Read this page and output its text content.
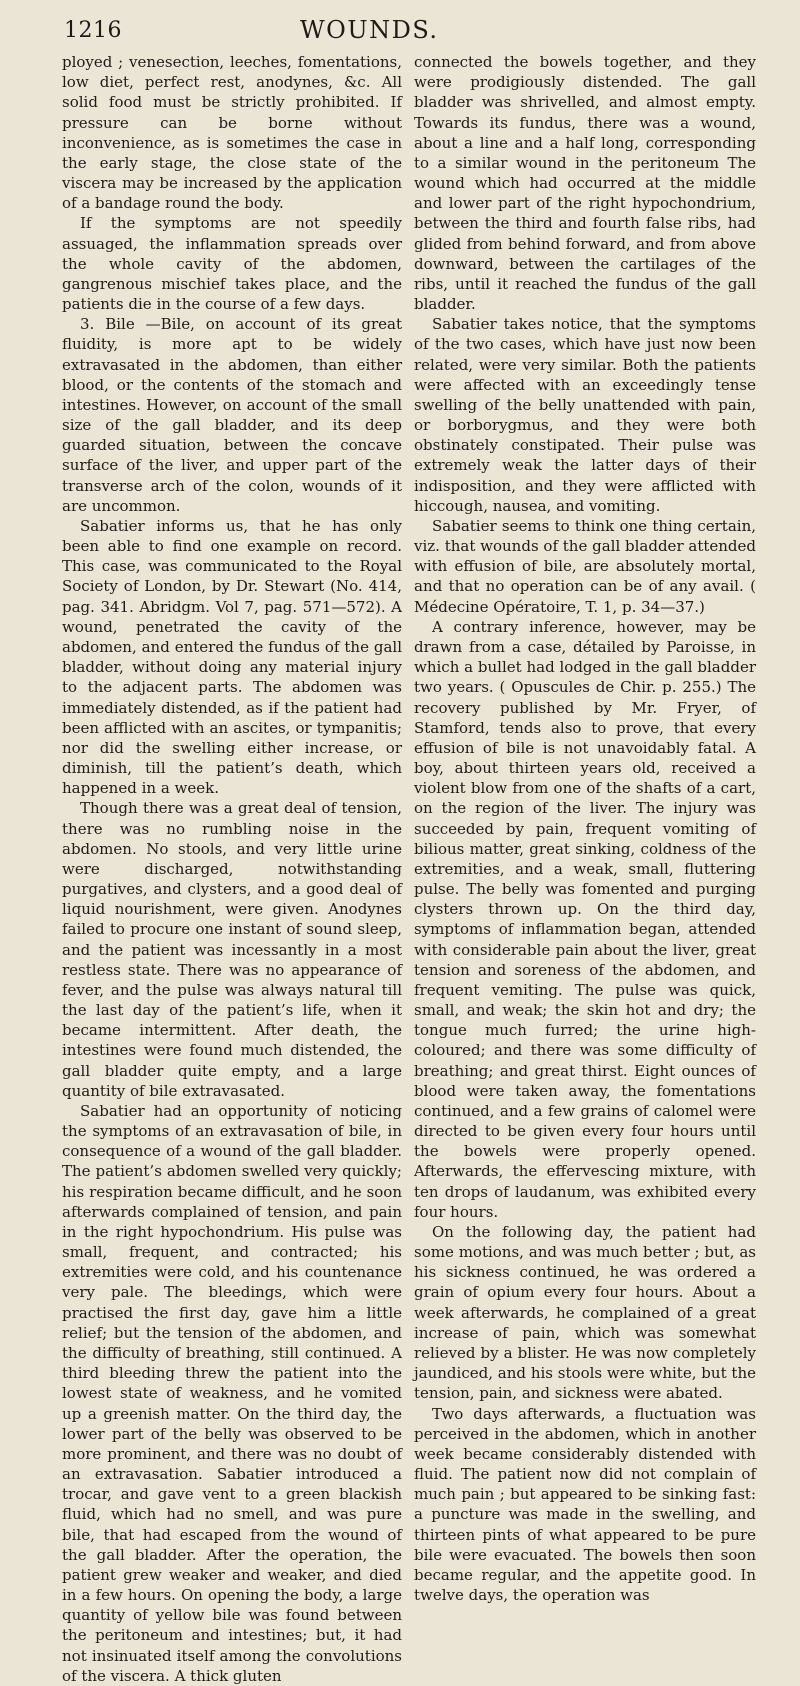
1216	WOUNDS.

ployed ; venesection, leeches, fomentations, low diet, perfect rest, anodynes, &c. All solid food must be strictly prohibited. If pressure can be borne without inconvenience, as is sometimes the case in the early stage, the close state of the viscera may be increased by the application of a bandage round the body.

If the symptoms are not speedily assuaged, the inflammation spreads over the whole cavity of the abdomen, gangrenous mischief takes place, and the patients die in the course of a few days.

3. Bile —Bile, on account of its great fluidity, is more apt to be widely extravasated in the abdomen, than either blood, or the contents of the stomach and intestines. However, on account of the small size of the gall bladder, and its deep guarded situation, between the concave surface of the liver, and upper part of the transverse arch of the colon, wounds of it are uncommon.

Sabatier informs us, that he has only been able to find one example on record. This case, was communicated to the Royal Society of London, by Dr. Stewart (No. 414, pag. 341. Abridgm. Vol 7, pag. 571—572). A wound, penetrated the cavity of the abdomen, and entered the fundus of the gall bladder, without doing any material injury to the adjacent parts. The abdomen was immediately distended, as if the patient had been afflicted with an ascites, or tympanitis; nor did the swelling either increase, or diminish, till the patient’s death, which happened in a week.

Though there was a great deal of tension, there was no rumbling noise in the abdomen. No stools, and very little urine were discharged, notwithstanding purgatives, and clysters, and a good deal of liquid nourishment, were given. Anodynes failed to procure one instant of sound sleep, and the patient was incessantly in a most restless state. There was no appearance of fever, and the pulse was always natural till the last day of the patient’s life, when it became intermittent. After death, the intestines were found much distended, the gall bladder quite empty, and a large quantity of bile extravasated.

Sabatier had an opportunity of noticing the symptoms of an extravasation of bile, in consequence of a wound of the gall bladder. The patient’s abdomen swelled very quickly; his respiration became difficult, and he soon afterwards complained of tension, and pain in the right hypochondrium. His pulse was small, frequent, and contracted; his extremities were cold, and his countenance very pale. The bleedings, which were practised the first day, gave him a little relief; but the tension of the abdomen, and the difficulty of breathing, still continued. A third bleeding threw the patient into the lowest state of weakness, and he vomited up a greenish matter. On the third day, the lower part of the belly was observed to be more prominent, and there was no doubt of an extravasation. Sabatier introduced a trocar, and gave vent to a green blackish fluid, which had no smell, and was pure bile, that had escaped from the wound of the gall bladder. After the operation, the patient grew weaker and weaker, and died in a few hours. On opening the body, a large quantity of yellow bile was found between the peritoneum and intestines; but, it had not insinuated itself among the convolutions of the viscera. A thick gluten

connected the bowels together, and they were prodigiously distended. The gall bladder was shrivelled, and almost empty. Towards its fundus, there was a wound, about a line and a half long, corresponding to a similar wound in the peritoneum The wound which had occurred at the middle and lower part of the right hypochondrium, between the third and fourth false ribs, had glided from behind forward, and from above downward, between the cartilages of the ribs, until it reached the fundus of the gall bladder.

Sabatier takes notice, that the symptoms of the two cases, which have just now been related, were very similar. Both the patients were affected with an exceedingly tense swelling of the belly unattended with pain, or borborygmus, and they were both obstinately constipated. Their pulse was extremely weak the latter days of their indisposition, and they were afflicted with hiccough, nausea, and vomiting.

Sabatier seems to think one thing certain, viz. that wounds of the gall bladder attended with effusion of bile, are absolutely mortal, and that no operation can be of any avail. ( Médecine Opératoire, T. 1, p. 34—37.)

A contrary inference, however, may be drawn from a case, détailed by Paroisse, in which a bullet had lodged in the gall bladder two years. ( Opuscules de Chir. p. 255.) The recovery published by Mr. Fryer, of Stamford, tends also to prove, that every effusion of bile is not unavoidably fatal. A boy, about thirteen years old, received a violent blow from one of the shafts of a cart, on the region of the liver. The injury was succeeded by pain, frequent vomiting of bilious matter, great sinking, coldness of the extremities, and a weak, small, fluttering pulse. The belly was fomented and purging clysters thrown up. On the third day, symptoms of inflammation began, attended with considerable pain about the liver, great tension and soreness of the abdomen, and frequent vemiting. The pulse was quick, small, and weak; the skin hot and dry; the tongue much furred; the urine high-coloured; and there was some difficulty of breathing; and great thirst. Eight ounces of blood were taken away, the fomentations continued, and a few grains of calomel were directed to be given every four hours until the bowels were properly opened. Afterwards, the effervescing mixture, with ten drops of laudanum, was exhibited every four hours.

On the following day, the patient had some motions, and was much better ; but, as his sickness continued, he was ordered a grain of opium every four hours. About a week afterwards, he complained of a great increase of pain, which was somewhat relieved by a blister. He was now completely jaundiced, and his stools were white, but the tension, pain, and sickness were abated.

Two days afterwards, a fluctuation was perceived in the abdomen, which in another week became considerably distended with fluid. The patient now did not complain of much pain ; but appeared to be sinking fast: a puncture was made in the swelling, and thirteen pints of what appeared to be pure bile were evacuated. The bowels then soon became regular, and the appetite good. In twelve days, the operation was
